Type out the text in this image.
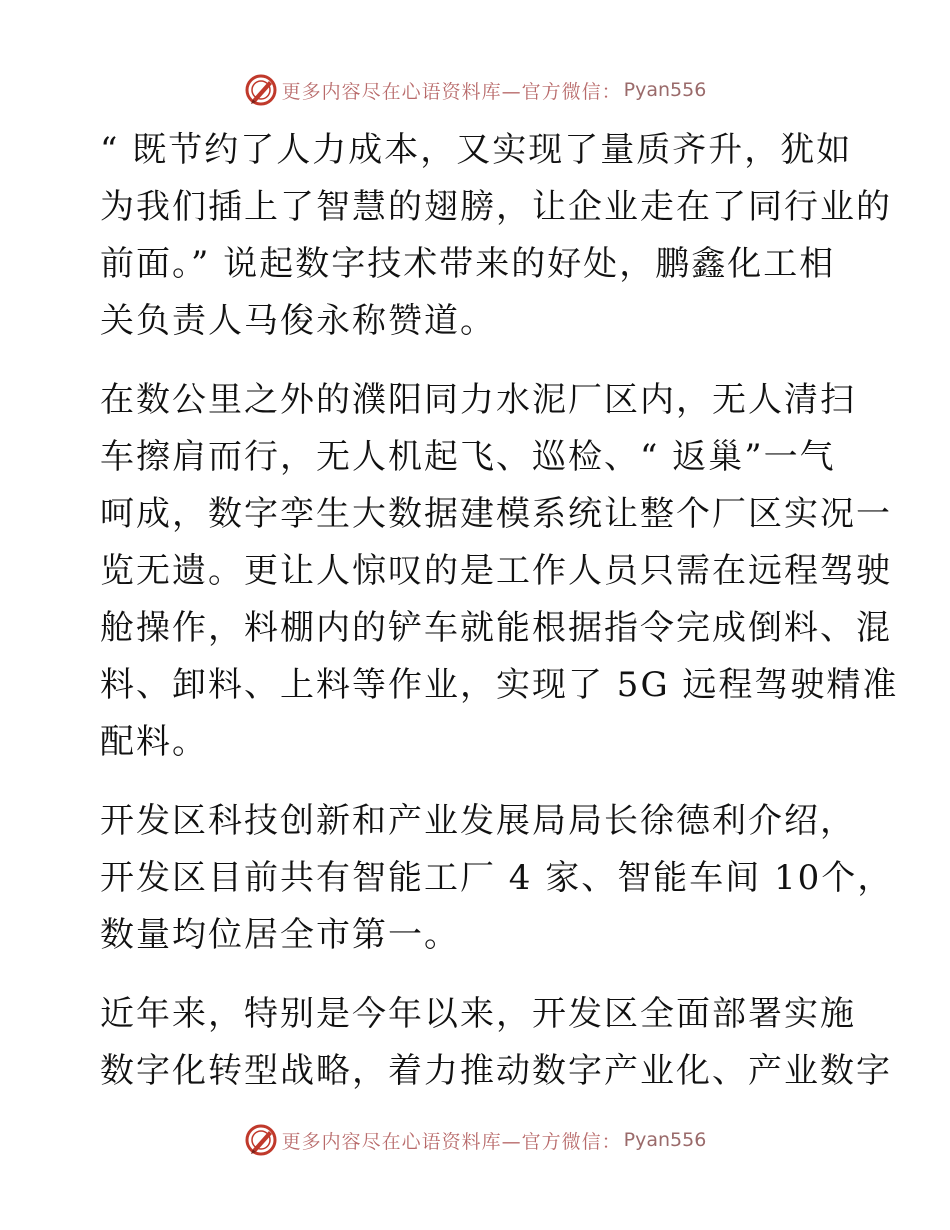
更多内容尽在心语资料库—官方微信： Pyan556

“ 既节约了人力成本，又实现了量质齐升，犹如
为我们插上了智慧的翅膀，让企业走在了同行业的
前面。” 说起数字技术带来的好处，鹏鑫化工相
关负责人马俊永称赞道。

在数公里之外的濮阳同力水泥厂区内，无人清扫
车擦肩而行，无人机起飞、巡检、“ 返巢”一气
呵成，数字孪生大数据建模系统让整个厂区实况一
览无遗。更让人惊叹的是工作人员只需在远程驾驶
舱操作，料棚内的铲车就能根据指令完成倒料、混
料、卸料、上料等作业，实现了 5G 远程驾驶精准
配料。

开发区科技创新和产业发展局局长徐德利介绍，
开发区目前共有智能工厂 4 家、智能车间 10个，
数量均位居全市第一。

近年来，特别是今年以来，开发区全面部署实施
数字化转型战略，着力推动数字产业化、产业数字

更多内容尽在心语资料库—官方微信： Pyan556
